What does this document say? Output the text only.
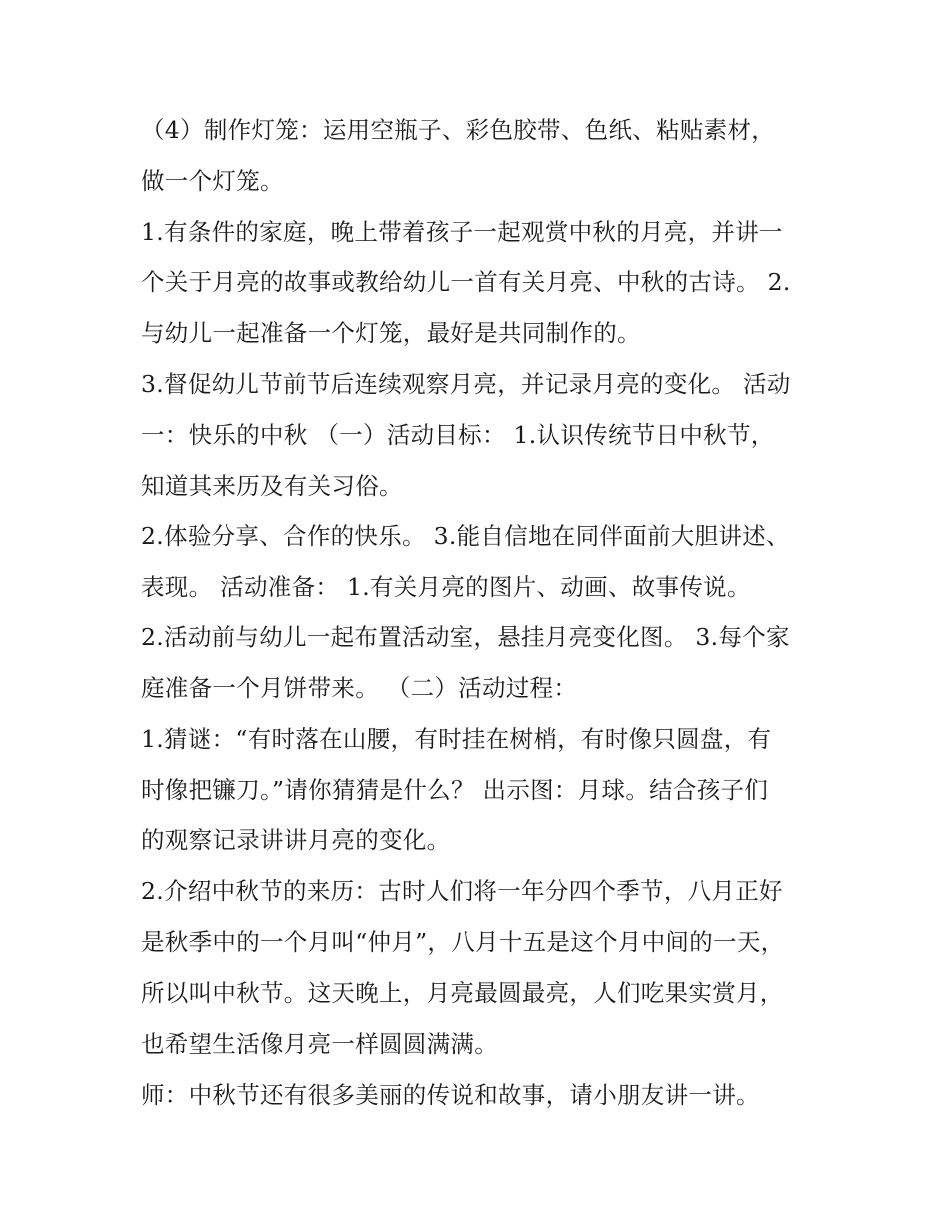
（4）制作灯笼：运用空瓶子、彩色胶带、色纸、粘贴素材，
做一个灯笼。
1.有条件的家庭，晚上带着孩子一起观赏中秋的月亮，并讲一
个关于月亮的故事或教给幼儿一首有关月亮、中秋的古诗。 2.
与幼儿一起准备一个灯笼，最好是共同制作的。
3.督促幼儿节前节后连续观察月亮，并记录月亮的变化。 活动
一：快乐的中秋 （一）活动目标： 1.认识传统节日中秋节，
知道其来历及有关习俗。
2.体验分享、合作的快乐。 3.能自信地在同伴面前大胆讲述、
表现。 活动准备： 1.有关月亮的图片、动画、故事传说。
2.活动前与幼儿一起布置活动室，悬挂月亮变化图。 3.每个家
庭准备一个月饼带来。 （二）活动过程：
1.猜谜：“有时落在山腰，有时挂在树梢，有时像只圆盘，有
时像把镰刀。”请你猜猜是什么？ 出示图：月球。结合孩子们
的观察记录讲讲月亮的变化。
2.介绍中秋节的来历：古时人们将一年分四个季节，八月正好
是秋季中的一个月叫“仲月”，八月十五是这个月中间的一天，
所以叫中秋节。这天晚上，月亮最圆最亮，人们吃果实赏月，
也希望生活像月亮一样圆圆满满。
师：中秋节还有很多美丽的传说和故事，请小朋友讲一讲。
